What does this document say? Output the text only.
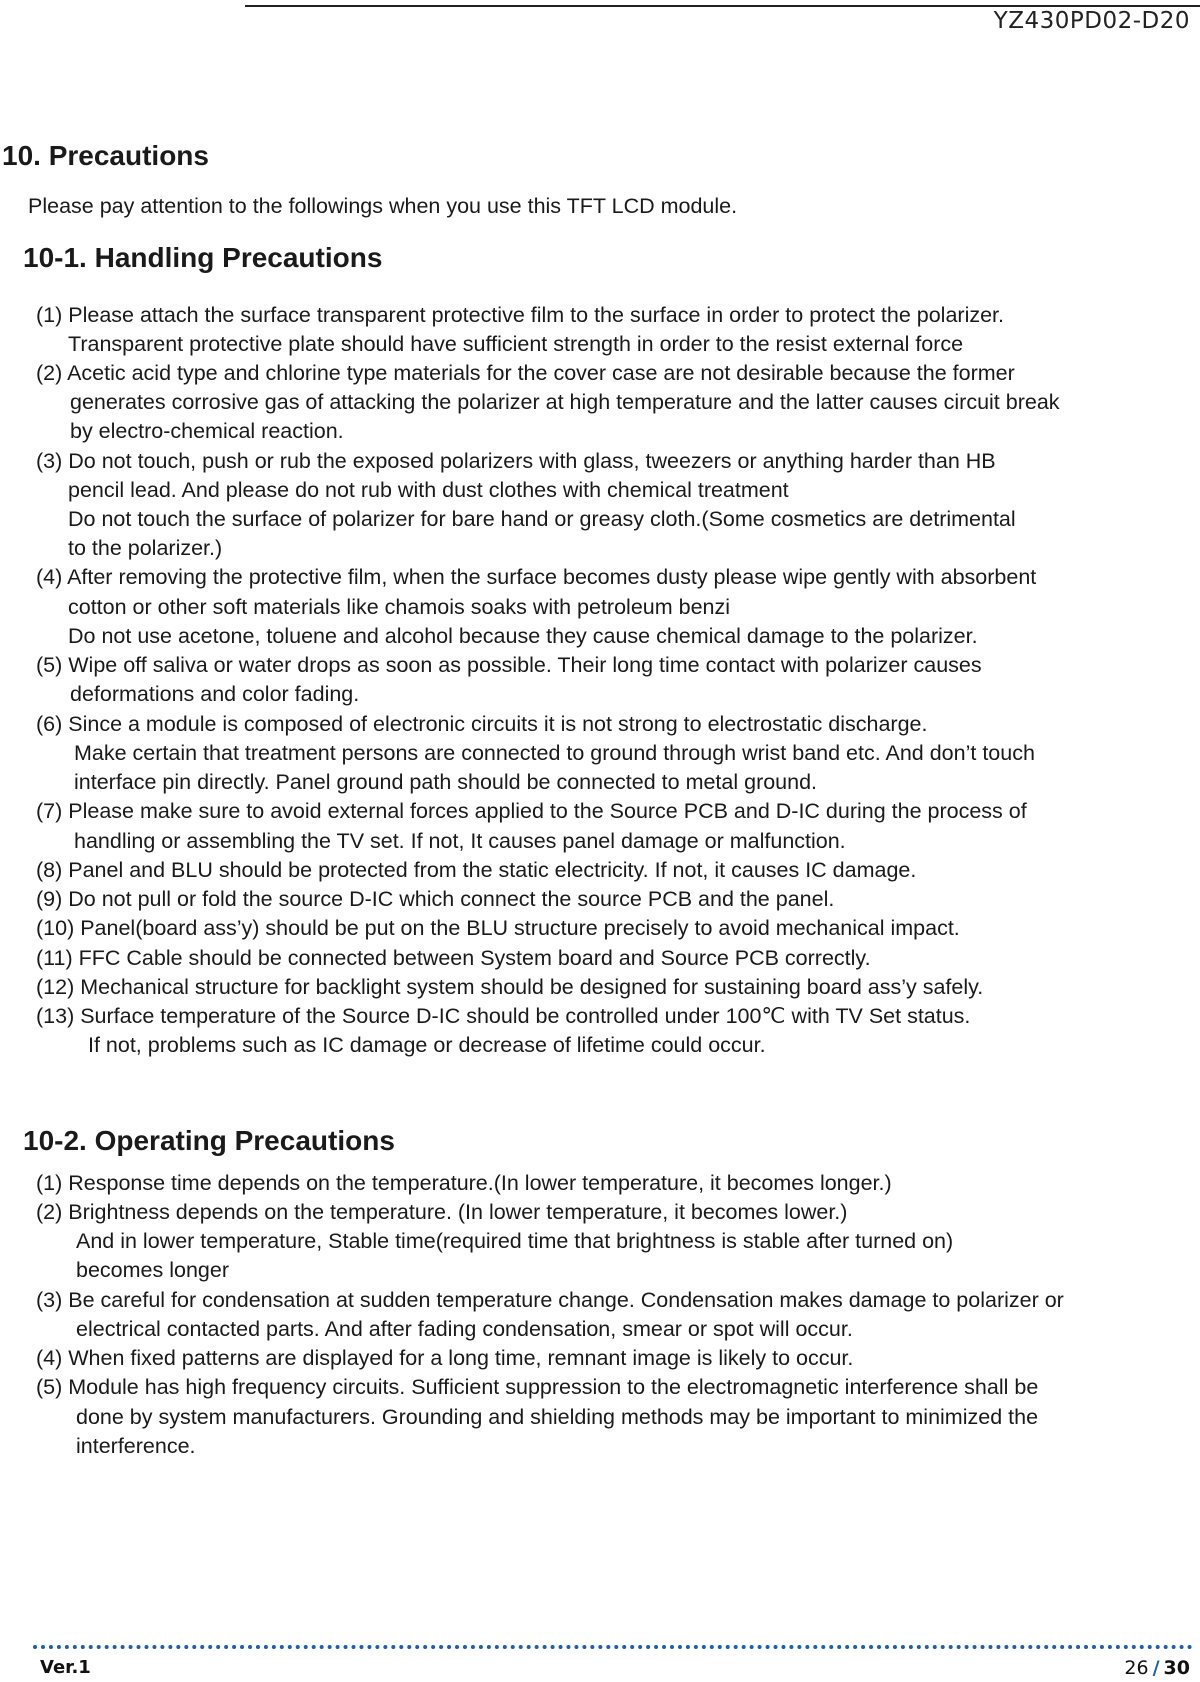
YZ430PD02-D20
10. Precautions
Please pay attention to the followings when you use this TFT LCD module.
10-1. Handling Precautions
(1) Please attach the surface transparent protective film to the surface in order to protect the polarizer.
Transparent protective plate should have sufficient strength in order to the resist external force
(2) Acetic acid type and chlorine type materials for the cover case are not desirable because the former
generates corrosive gas of attacking the polarizer at high temperature and the latter causes circuit break
by electro-chemical reaction.
(3) Do not touch, push or rub the exposed polarizers with glass, tweezers or anything harder than HB
pencil lead. And please do not rub with dust clothes with chemical treatment
Do not touch the surface of polarizer for bare hand or greasy cloth.(Some cosmetics are detrimental
to the polarizer.)
(4) After removing the protective film, when the surface becomes dusty please wipe gently with absorbent
cotton or other soft materials like chamois soaks with petroleum benzi
Do not use acetone, toluene and alcohol because they cause chemical damage to the polarizer.
(5) Wipe off saliva or water drops as soon as possible. Their long time contact with polarizer causes
deformations and color fading.
(6) Since a module is composed of electronic circuits it is not strong to electrostatic discharge.
Make certain that treatment persons are connected to ground through wrist band etc. And don’t touch
interface pin directly. Panel ground path should be connected to metal ground.
(7) Please make sure to avoid external forces applied to the Source PCB and D-IC during the process of
handling or assembling the TV set. If not, It causes panel damage or malfunction.
(8) Panel and BLU should be protected from the static electricity. If not, it causes IC damage.
(9) Do not pull or fold the source D-IC which connect the source PCB and the panel.
(10) Panel(board ass’y) should be put on the BLU structure precisely to avoid mechanical impact.
(11) FFC Cable should be connected between System board and Source PCB correctly.
(12) Mechanical structure for backlight system should be designed for sustaining board ass’y safely.
(13) Surface temperature of the Source D-IC should be controlled under 100℃ with TV Set status.
If not, problems such as IC damage or decrease of lifetime could occur.
10-2. Operating Precautions
(1) Response time depends on the temperature.(In lower temperature, it becomes longer.)
(2) Brightness depends on the temperature. (In lower temperature, it becomes lower.)
And in lower temperature, Stable time(required time that brightness is stable after turned on)
becomes longer
(3) Be careful for condensation at sudden temperature change. Condensation makes damage to polarizer or
electrical contacted parts. And after fading condensation, smear or spot will occur.
(4) When fixed patterns are displayed for a long time, remnant image is likely to occur.
(5) Module has high frequency circuits. Sufficient suppression to the electromagnetic interference shall be
done by system manufacturers. Grounding and shielding methods may be important to minimized the
interference.
Ver.1	26 / 30
